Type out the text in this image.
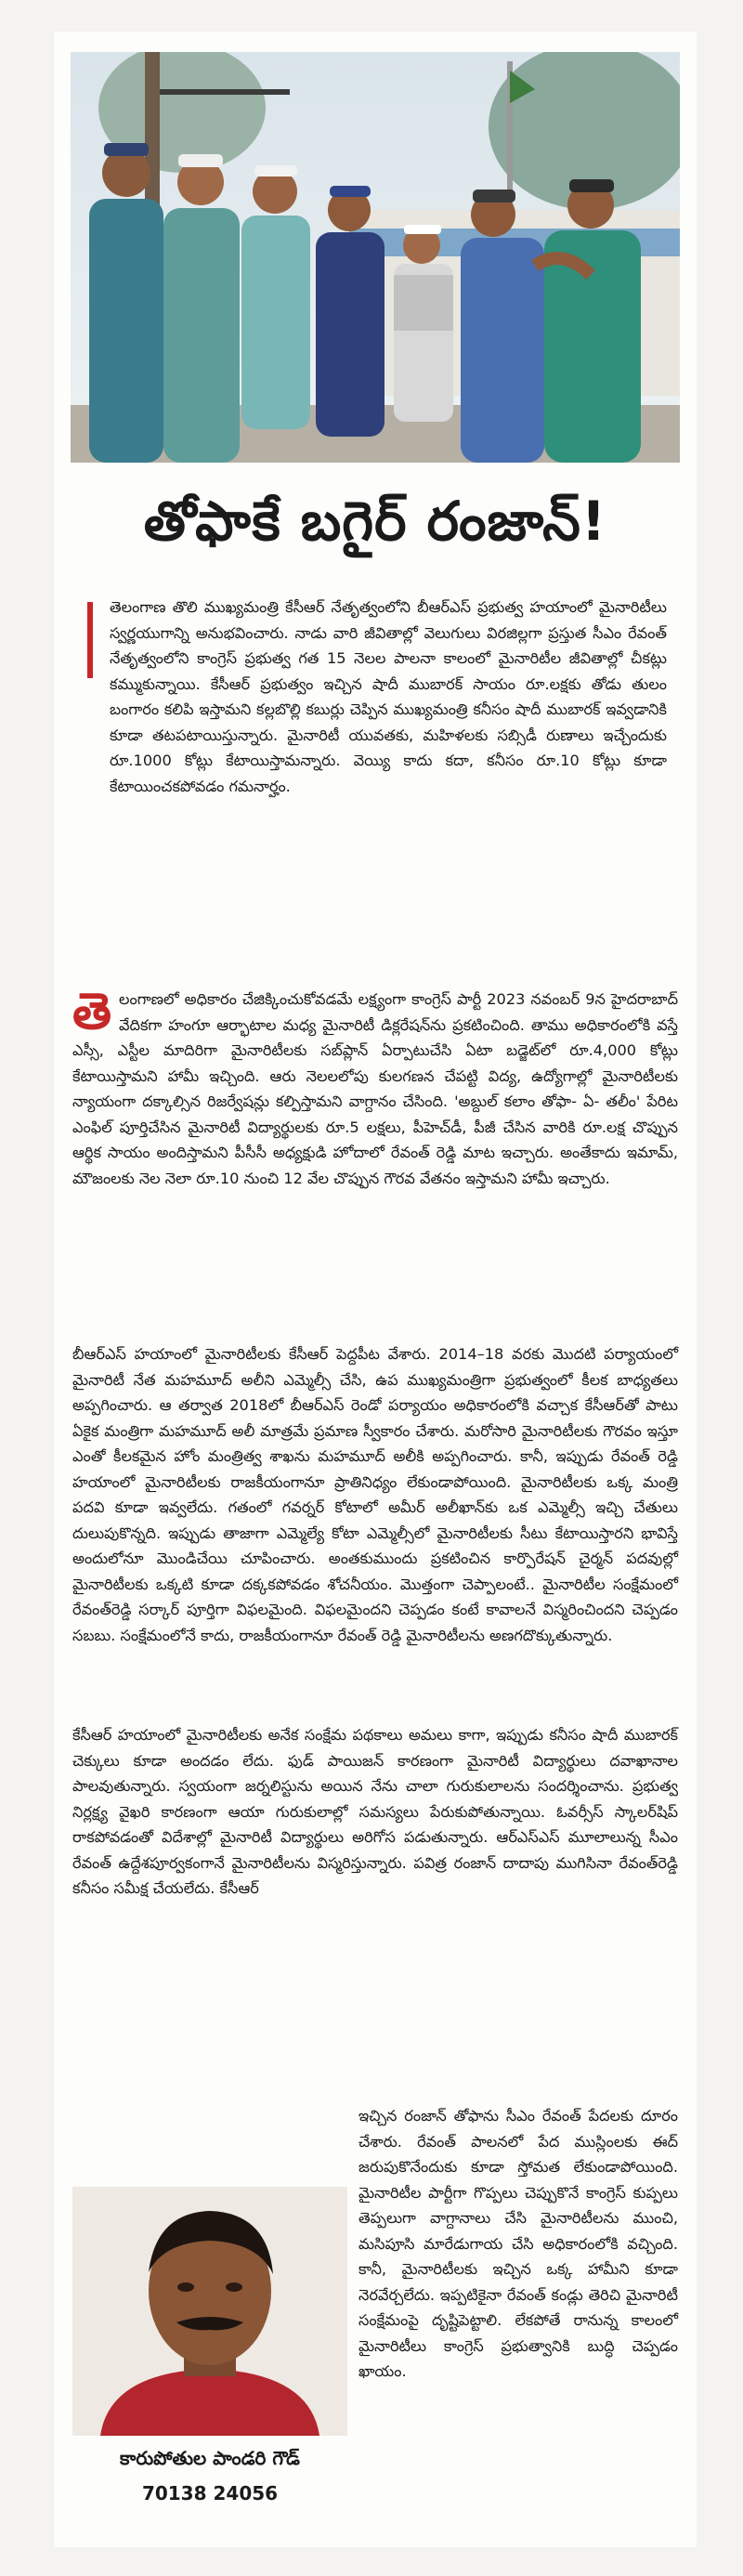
తోఫాకే బగైర్ రంజాన్!

తెలంగాణ తొలి ముఖ్యమంత్రి కేసీఆర్ నేతృత్వంలోని బీఆర్ఎస్ ప్రభుత్వ హయాంలో మైనారిటీలు స్వర్ణయుగాన్ని అనుభవించారు. నాడు వారి జీవితాల్లో వెలుగులు విరజిల్లగా ప్రస్తుత సీఎం రేవంత్ నేతృత్వంలోని కాంగ్రెస్ ప్రభుత్వ గత 15 నెలల పాలనా కాలంలో మైనారిటీల జీవితాల్లో చీకట్లు కమ్ముకున్నాయి. కేసీఆర్ ప్రభుత్వం ఇచ్చిన షాదీ ముబారక్ సాయం రూ.లక్షకు తోడు తులం బంగారం కలిపి ఇస్తామని కల్లబొల్లి కబుర్లు చెప్పిన ముఖ్యమంత్రి కనీసం షాదీ ముబారక్ ఇవ్వడానికి కూడా తటపటాయిస్తున్నారు. మైనారిటీ యువతకు, మహిళలకు సబ్సిడీ రుణాలు ఇచ్చేందుకు రూ.1000 కోట్లు కేటాయిస్తామన్నారు. వెయ్యి కాదు కదా, కనీసం రూ.10 కోట్లు కూడా కేటాయించకపోవడం గమనార్హం.

తె లంగాణలో అధికారం చేజిక్కించుకోవడమే లక్ష్యంగా కాంగ్రెస్ పార్టీ 2023 నవంబర్ 9న హైదరాబాద్ వేదికగా హంగూ ఆర్భాటాల మధ్య మైనారిటీ డిక్లరేషన్‌ను ప్రకటించింది. తాము అధికారంలోకి వస్తే ఎస్సీ, ఎస్టీల మాదిరిగా మైనారిటీలకు సబ్‌ప్లాన్ ఏర్పాటుచేసి ఏటా బడ్జెట్‌లో రూ.4,000 కోట్లు కేటాయిస్తామని హామీ ఇచ్చింది. ఆరు నెలలలోపు కులగణన చేపట్టి విద్య, ఉద్యోగాల్లో మైనారిటీలకు న్యాయంగా దక్కాల్సిన రిజర్వేషన్లు కల్పిస్తామని వాగ్దానం చేసింది. 'అబ్దుల్ కలాం తోఫా- ఏ- తలీం' పేరిట ఎంఫిల్ పూర్తిచేసిన మైనారిటీ విద్యార్థులకు రూ.5 లక్షలు, పీహెచ్‌డీ, పీజీ చేసిన వారికి రూ.లక్ష చొప్పున ఆర్థిక సాయం అందిస్తామని పీసీసీ అధ్యక్షుడి హోదాలో రేవంత్ రెడ్డి మాట ఇచ్చారు. అంతేకాదు ఇమామ్, మౌజంలకు నెల నెలా రూ.10 నుంచి 12 వేల చొప్పున గౌరవ వేతనం ఇస్తామని హామీ ఇచ్చారు.

బీఆర్ఎస్ హయాంలో మైనారిటీలకు కేసీఆర్ పెద్దపీట వేశారు. 2014–18 వరకు మొదటి పర్యాయంలో మైనారిటీ నేత మహమూద్ అలీని ఎమ్మెల్సీ చేసి, ఉప ముఖ్యమంత్రిగా ప్రభుత్వంలో కీలక బాధ్యతలు అప్పగించారు. ఆ తర్వాత 2018లో బీఆర్ఎస్ రెండో పర్యాయం అధికారంలోకి వచ్చాక కేసీఆర్‌తో పాటు ఏకైక మంత్రిగా మహమూద్ అలీ మాత్రమే ప్రమాణ స్వీకారం చేశారు. మరోసారి మైనారిటీలకు గౌరవం ఇస్తూ ఎంతో కీలకమైన హోం మంత్రిత్వ శాఖను మహమూద్ అలీకి అప్పగించారు. కానీ, ఇప్పుడు రేవంత్ రెడ్డి హయాంలో మైనారిటీలకు రాజకీయంగానూ ప్రాతినిధ్యం లేకుండాపోయింది. మైనారిటీలకు ఒక్క మంత్రి పదవి కూడా ఇవ్వలేదు. గతంలో గవర్నర్ కోటాలో అమీర్ అలీఖాన్‌కు ఒక ఎమ్మెల్సీ ఇచ్చి చేతులు దులుపుకొన్నది. ఇప్పుడు తాజాగా ఎమ్మెల్యే కోటా ఎమ్మెల్సీలో మైనారిటీలకు సీటు కేటాయిస్తారని భావిస్తే అందులోనూ మొండిచేయి చూపించారు. అంతకుముందు ప్రకటించిన కార్పొరేషన్ చైర్మన్ పదవుల్లో మైనారిటీలకు ఒక్కటి కూడా దక్కకపోవడం శోచనీయం. మొత్తంగా చెప్పాలంటే.. మైనారిటీల సంక్షేమంలో రేవంత్‌రెడ్డి సర్కార్ పూర్తిగా విఫలమైంది. విఫలమైందని చెప్పడం కంటే కావాలనే విస్మరించిందని చెప్పడం సబబు. సంక్షేమంలోనే కాదు, రాజకీయంగానూ రేవంత్ రెడ్డి మైనారిటీలను అణగదొక్కుతున్నారు.

కేసీఆర్ హయాంలో మైనారిటీలకు అనేక సంక్షేమ పథకాలు అమలు కాగా, ఇప్పుడు కనీసం షాదీ ముబారక్ చెక్కులు కూడా అందడం లేదు. ఫుడ్ పాయిజన్ కారణంగా మైనారిటీ విద్యార్థులు దవాఖానాల పాలవుతున్నారు. స్వయంగా జర్నలిస్టును అయిన నేను చాలా గురుకులాలను సందర్శించాను. ప్రభుత్వ నిర్లక్ష్య వైఖరి కారణంగా ఆయా గురుకులాల్లో సమస్యలు పేరుకుపోతున్నాయి. ఓవర్సీస్ స్కాలర్‌షిప్ రాకపోవడంతో విదేశాల్లో మైనారిటీ విద్యార్థులు అరిగోస పడుతున్నారు. ఆర్ఎస్ఎస్ మూలాలున్న సీఎం రేవంత్ ఉద్దేశపూర్వకంగానే మైనారిటీలను విస్మరిస్తున్నారు. పవిత్ర రంజాన్ దాదాపు ముగిసినా రేవంత్‌రెడ్డి కనీసం సమీక్ష చేయలేదు. కేసీఆర్

ఇచ్చిన రంజాన్ తోఫాను సీఎం రేవంత్ పేదలకు దూరం చేశారు. రేవంత్ పాలనలో పేద ముస్లింలకు ఈద్ జరుపుకొనేందుకు కూడా స్తోమత లేకుండాపోయింది. మైనారిటీల పార్టీగా గొప్పలు చెప్పుకొనే కాంగ్రెస్ కుప్పలు తెప్పలుగా వాగ్దానాలు చేసి మైనారిటీలను ముంచి, మసిపూసి మారేడుగాయ చేసి అధికారంలోకి వచ్చింది. కానీ, మైనారిటీలకు ఇచ్చిన ఒక్క హామీని కూడా నెరవేర్చలేదు. ఇప్పటికైనా రేవంత్ కండ్లు తెరిచి మైనారిటీ సంక్షేమంపై దృష్టిపెట్టాలి. లేకపోతే రానున్న కాలంలో మైనారిటీలు కాంగ్రెస్ ప్రభుత్వానికి బుద్ధి చెప్పడం ఖాయం.

కారుపోతుల పాండరి గౌడ్
70138 24056
